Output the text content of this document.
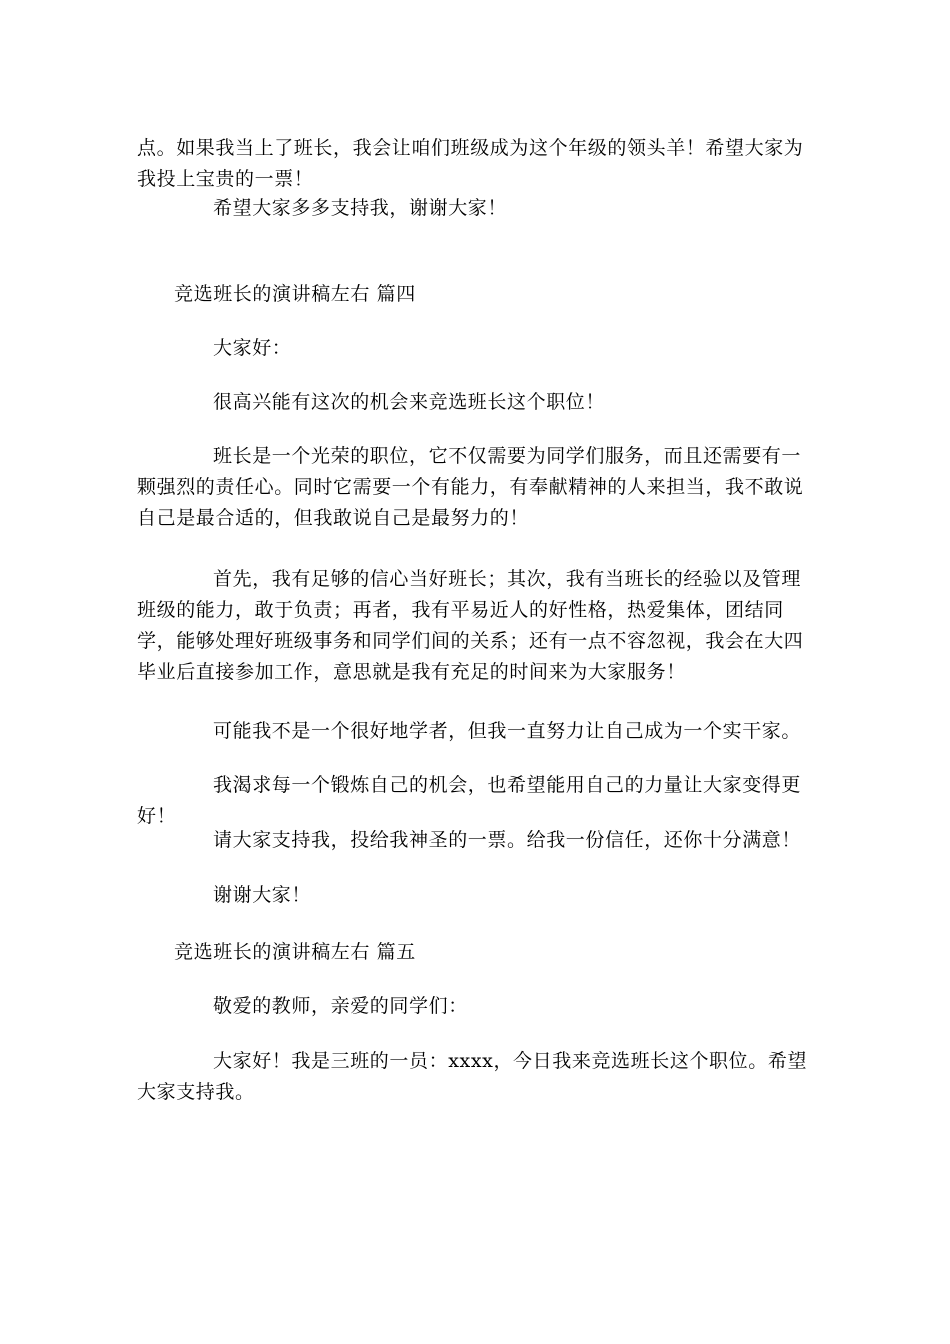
点。如果我当上了班长，我会让咱们班级成为这个年级的领头羊！希望大家为我投上宝贵的一票！
希望大家多多支持我，谢谢大家！
竞选班长的演讲稿左右 篇四
大家好：
很高兴能有这次的机会来竞选班长这个职位！
班长是一个光荣的职位，它不仅需要为同学们服务，而且还需要有一颗强烈的责任心。同时它需要一个有能力，有奉献精神的人来担当，我不敢说自己是最合适的，但我敢说自己是最努力的！
首先，我有足够的信心当好班长；其次，我有当班长的经验以及管理班级的能力，敢于负责；再者，我有平易近人的好性格，热爱集体，团结同学，能够处理好班级事务和同学们间的关系；还有一点不容忽视，我会在大四毕业后直接参加工作，意思就是我有充足的时间来为大家服务！
可能我不是一个很好地学者，但我一直努力让自己成为一个实干家。
我渴求每一个锻炼自己的机会，也希望能用自己的力量让大家变得更好！
请大家支持我，投给我神圣的一票。给我一份信任，还你十分满意！
谢谢大家！
竞选班长的演讲稿左右 篇五
敬爱的教师，亲爱的同学们：
大家好！我是三班的一员：xxxx，今日我来竞选班长这个职位。希望大家支持我。
